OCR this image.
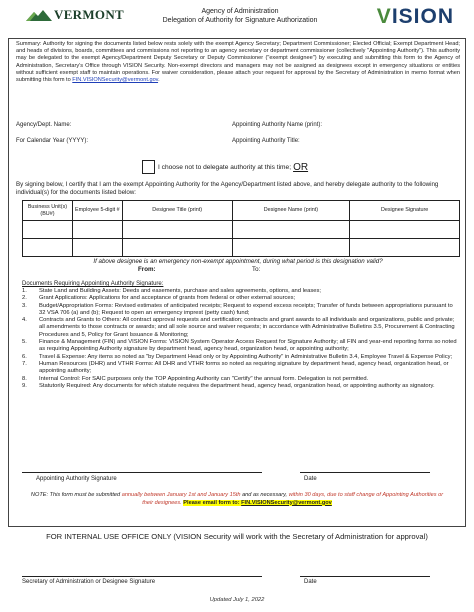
VERMONT	Agency of Administration
Delegation of Authority for Signature Authorization	VISION
Summary: Authority for signing the documents listed below rests solely with the exempt Agency Secretary; Department Commissioner; Elected Official; Exempt Department Head; and heads of divisions, boards, committees and commissions not reporting to an agency secretary or department commissioner (collectively "Appointing Authority"). This authority may be delegated to the exempt Agency/Department Deputy Secretary or Deputy Commissioner ("exempt designee") by executing and submitting this form to the Agency of Administration, Secretary's Office through VISION Security. Non-exempt directors and managers may not be assigned as designees except in emergency situations or entities without sufficient exempt staff to maintain operations. For waiver consideration, please attach your request for approval by the Secretary of Administration in memo format when submitting this form to FIN.VISIONSecurity@vermont.gov.
Agency/Dept. Name:	Appointing Authority Name (print):
For Calendar Year (YYYY):	Appointing Authority Title:
I choose not to delegate authority at this time; OR
By signing below, I certify that I am the exempt Appointing Authority for the Agency/Department listed above, and hereby delegate authority to the following individual(s) for the documents listed below:
Business Unit(s) (BU#)	Employee 5-digit #	Designee Title (print)	Designee Name (print)	Designee Signature

If above designee is an emergency non-exempt appointment, during what period is this designation valid?
From:	To:
Documents Requiring Appointing Authority Signature:
1.	State Land and Building Assets: Deeds and easements, purchase and sales agreements, options, and leases;
2.	Grant Applications: Applications for and acceptance of grants from federal or other external sources;
3.	Budget/Appropriation Forms: Revised estimates of anticipated receipts; Request to expend excess receipts; Transfer of funds between appropriations pursuant to 32 VSA 706 (a) and (b); Request to open an emergency imprest (petty cash) fund;
4.	Contracts and Grants to Others: All contract approval requests and certification; contracts and grant awards to all individuals and organizations, public and private; all amendments to those contracts or awards; and all sole source and waiver requests; in accordance with Administrative Bulletins 3.5, Procurement & Contracting Procedures and 5, Policy for Grant Issuance & Monitoring;
5.	Finance & Management (FIN) and VISION Forms: VISION System Operator Access Request for Signature Authority; all FIN and year-end reporting forms so noted as requiring Appointing Authority signature by department head, agency head, organization head, or appointing authority;
6.	Travel & Expense: Any items so noted as "by Department Head only or by Appointing Authority" in Administrative Bulletin 3.4, Employee Travel & Expense Policy;
7.	Human Resources (DHR) and VTHR Forms: All DHR and VTHR forms so noted as requiring signature by department head, agency head, organization head, or appointing authority;
8.	Internal Control: For SAIC purposes only the TOP Appointing Authority can "Certify" the annual form. Delegation is not permitted.
9.	Statutorily Required: Any documents for which statute requires the department head, agency head, organization head, or appointing authority as signatory.
Appointing Authority Signature	Date
NOTE: This form must be submitted annually between January 1st and January 15th and as necessary, within 30 days, due to staff change of Appointing Authorities or their designees. Please email form to: FIN.VISIONSecurity@vermont.gov
FOR INTERNAL USE OFFICE ONLY (VISION Security will work with the Secretary of Administration for approval)
Secretary of Administration or Designee Signature	Date
Updated July 1, 2022
